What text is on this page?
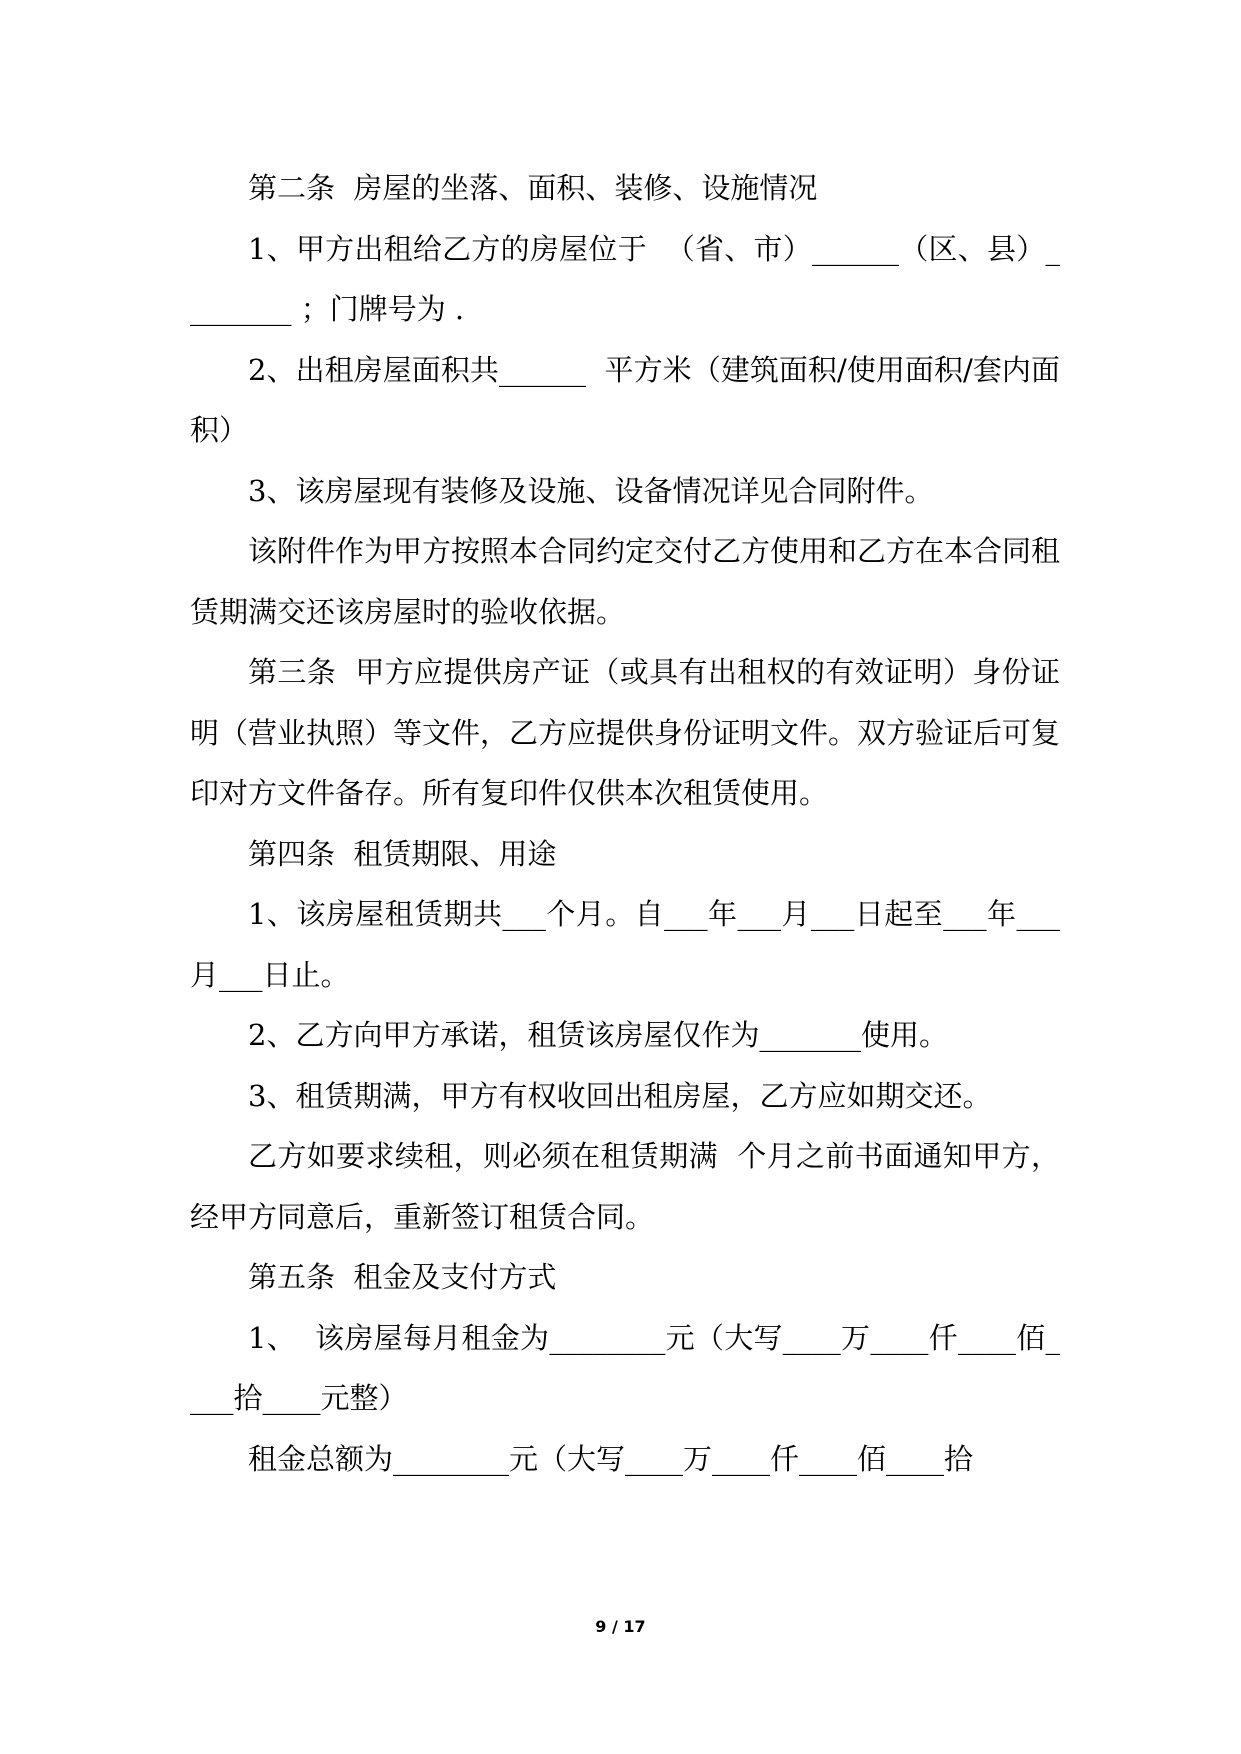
第二条  房屋的坐落、面积、装修、设施情况

1、甲方出租给乙方的房屋位于  （省、市）______（区、县）________ ；门牌号为 .

2、出租房屋面积共______  平方米（建筑面积/使用面积/套内面积）

3、该房屋现有装修及设施、设备情况详见合同附件。

该附件作为甲方按照本合同约定交付乙方使用和乙方在本合同租赁期满交还该房屋时的验收依据。

第三条  甲方应提供房产证（或具有出租权的有效证明）身份证明（营业执照）等文件，乙方应提供身份证明文件。双方验证后可复印对方文件备存。所有复印件仅供本次租赁使用。

第四条  租赁期限、用途

1、该房屋租赁期共___个月。自___年___月___日起至___年___月___日止。

2、乙方向甲方承诺，租赁该房屋仅作为_______使用。

3、租赁期满，甲方有权收回出租房屋，乙方应如期交还。

乙方如要求续租，则必须在租赁期满  个月之前书面通知甲方，经甲方同意后，重新签订租赁合同。

第五条  租金及支付方式

1、  该房屋每月租金为________元（大写____万____仟____佰____拾____元整）

租金总额为________元（大写____万____仟____佰____拾

9 / 17
